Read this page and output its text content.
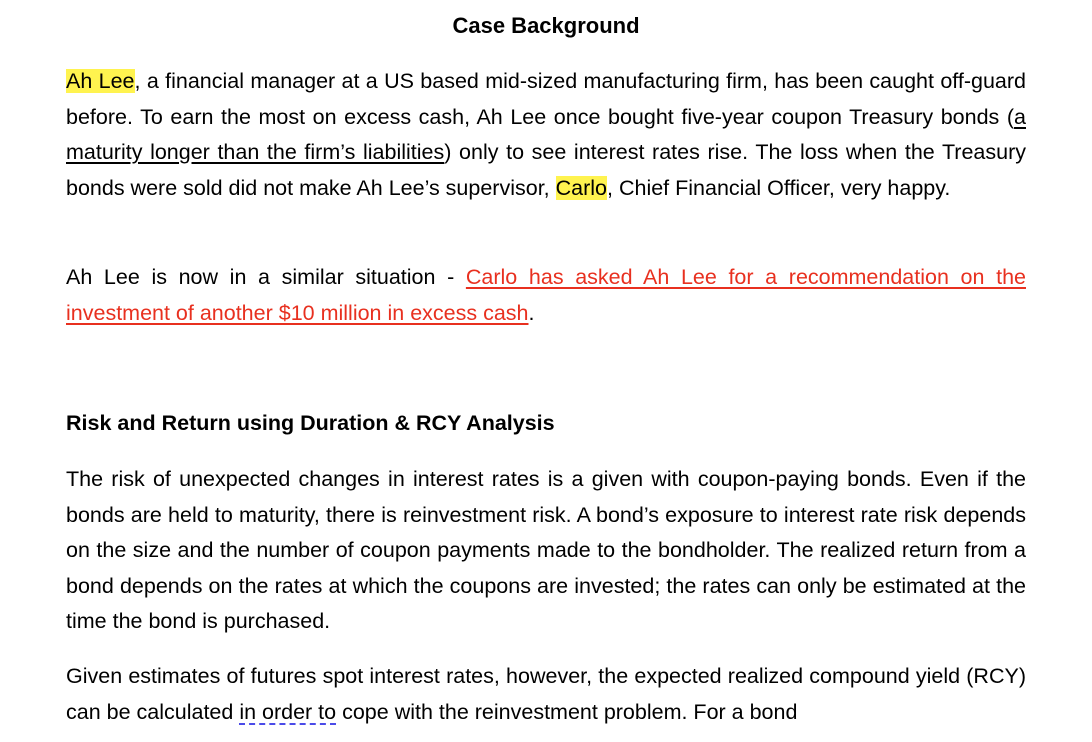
Case Background

Ah Lee, a financial manager at a US based mid-sized manufacturing firm, has been caught off-guard before. To earn the most on excess cash, Ah Lee once bought five-year coupon Treasury bonds (a maturity longer than the firm’s liabilities) only to see interest rates rise. The loss when the Treasury bonds were sold did not make Ah Lee’s supervisor, Carlo, Chief Financial Officer, very happy.

Ah Lee is now in a similar situation - Carlo has asked Ah Lee for a recommendation on the investment of another $10 million in excess cash.

Risk and Return using Duration & RCY Analysis

The risk of unexpected changes in interest rates is a given with coupon-paying bonds. Even if the bonds are held to maturity, there is reinvestment risk. A bond’s exposure to interest rate risk depends on the size and the number of coupon payments made to the bondholder. The realized return from a bond depends on the rates at which the coupons are invested; the rates can only be estimated at the time the bond is purchased.

Given estimates of futures spot interest rates, however, the expected realized compound yield (RCY) can be calculated in order to cope with the reinvestment problem. For a bond
